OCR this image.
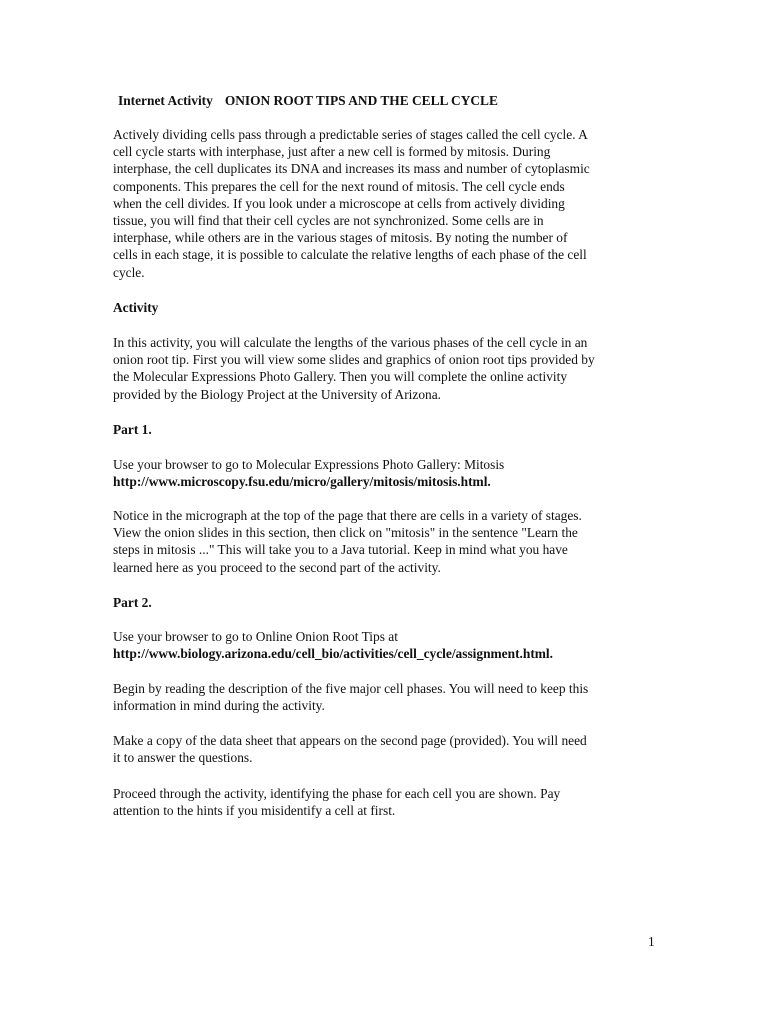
Internet Activity ONION ROOT TIPS AND THE CELL CYCLE

Actively dividing cells pass through a predictable series of stages called the cell cycle. A
cell cycle starts with interphase, just after a new cell is formed by mitosis. During
interphase, the cell duplicates its DNA and increases its mass and number of cytoplasmic
components. This prepares the cell for the next round of mitosis. The cell cycle ends
when the cell divides. If you look under a microscope at cells from actively dividing
tissue, you will find that their cell cycles are not synchronized. Some cells are in
interphase, while others are in the various stages of mitosis. By noting the number of
cells in each stage, it is possible to calculate the relative lengths of each phase of the cell
cycle.

Activity

In this activity, you will calculate the lengths of the various phases of the cell cycle in an
onion root tip. First you will view some slides and graphics of onion root tips provided by
the Molecular Expressions Photo Gallery. Then you will complete the online activity
provided by the Biology Project at the University of Arizona.

Part 1.

Use your browser to go to Molecular Expressions Photo Gallery: Mitosis
http://www.microscopy.fsu.edu/micro/gallery/mitosis/mitosis.html.

Notice in the micrograph at the top of the page that there are cells in a variety of stages.
View the onion slides in this section, then click on "mitosis" in the sentence "Learn the
steps in mitosis ..." This will take you to a Java tutorial. Keep in mind what you have
learned here as you proceed to the second part of the activity.

Part 2.

Use your browser to go to Online Onion Root Tips at
http://www.biology.arizona.edu/cell_bio/activities/cell_cycle/assignment.html.

Begin by reading the description of the five major cell phases. You will need to keep this
information in mind during the activity.

Make a copy of the data sheet that appears on the second page (provided). You will need
it to answer the questions.

Proceed through the activity, identifying the phase for each cell you are shown. Pay
attention to the hints if you misidentify a cell at first.

1
